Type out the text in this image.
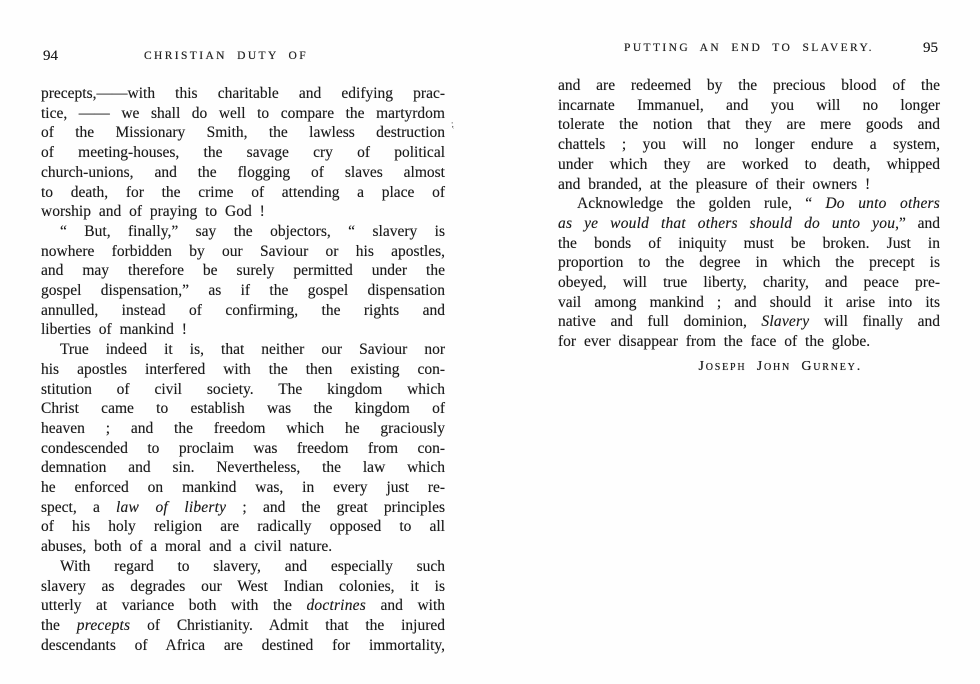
94	CHRISTIAN DUTY OF
precepts,——with this charitable and edifying prac-
tice, —— we shall do well to compare the martyrdom
of the Missionary Smith, the lawless destruction
of meeting-houses, the savage cry of political
church-unions, and the flogging of slaves almost
to death, for the crime of attending a place of
worship and of praying to God !
“ But, finally,” say the objectors, “ slavery is
nowhere forbidden by our Saviour or his apostles,
and may therefore be surely permitted under the
gospel dispensation,” as if the gospel dispensation
annulled, instead of confirming, the rights and
liberties of mankind !
True indeed it is, that neither our Saviour nor
his apostles interfered with the then existing con-
stitution of civil society. The kingdom which
Christ came to establish was the kingdom of
heaven ; and the freedom which he graciously
condescended to proclaim was freedom from con-
demnation and sin. Nevertheless, the law which
he enforced on mankind was, in every just re-
spect, a law of liberty ; and the great principles
of his holy religion are radically opposed to all
abuses, both of a moral and a civil nature.
With regard to slavery, and especially such
slavery as degrades our West Indian colonies, it is
utterly at variance both with the doctrines and with
the precepts of Christianity. Admit that the injured
descendants of Africa are destined for immortality,
PUTTING AN END TO SLAVERY.	95
and are redeemed by the precious blood of the
incarnate Immanuel, and you will no longer
tolerate the notion that they are mere goods and
chattels ; you will no longer endure a system,
under which they are worked to death, whipped
and branded, at the pleasure of their owners !
Acknowledge the golden rule, “ Do unto others
as ye would that others should do unto you,” and
the bonds of iniquity must be broken. Just in
proportion to the degree in which the precept is
obeyed, will true liberty, charity, and peace pre-
vail among mankind ; and should it arise into its
native and full dominion, Slavery will finally and
for ever disappear from the face of the globe.
Joseph John Gurney.
;
